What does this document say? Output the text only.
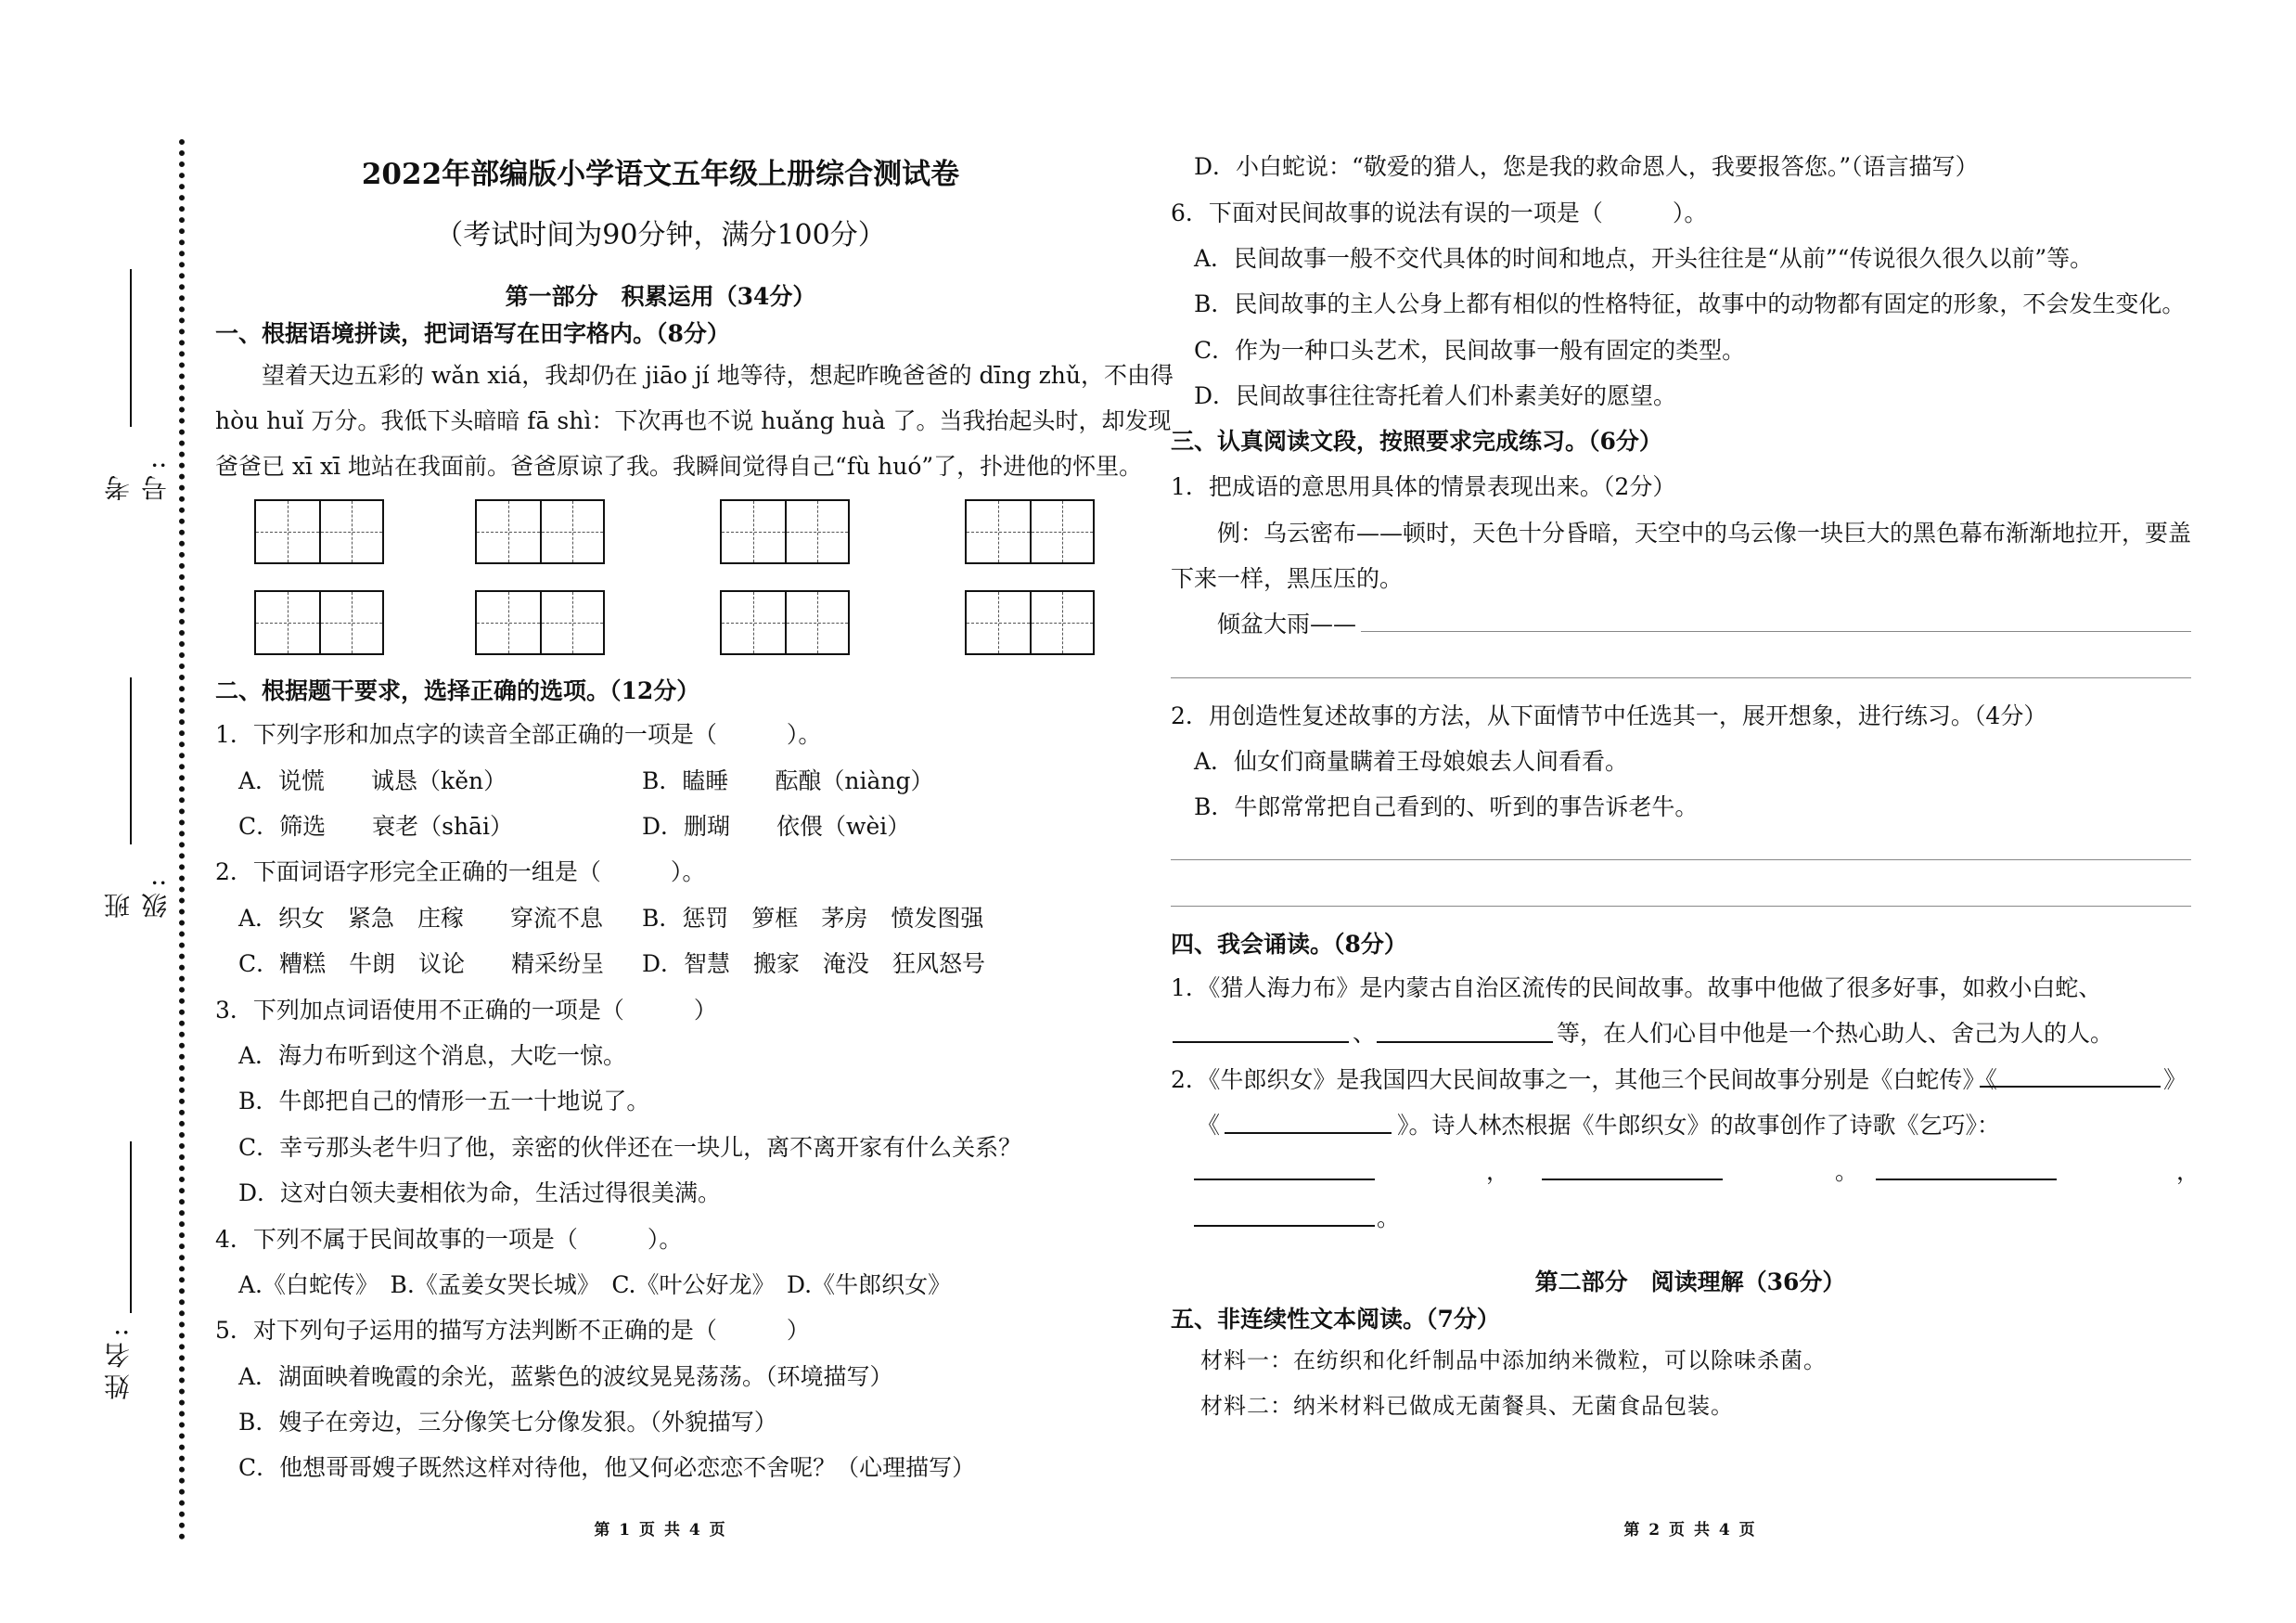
考号:
班级:
姓名:
2022年部编版小学语文五年级上册综合测试卷
（考试时间为90分钟，满分100分）
第一部分　积累运用（34分）
一、根据语境拼读，把词语写在田字格内。（8分）
　　望着天边五彩的 wǎn xiá，我却仍在 jiāo jí 地等待，想起昨晚爸爸的 dīng zhǔ，不由得
hòu huǐ 万分。我低下头暗暗 fā shì：下次再也不说 huǎng huà 了。当我抬起头时，却发现
爸爸已 xī xī 地站在我面前。爸爸原谅了我。我瞬间觉得自己“fù huó”了，扑进他的怀里。
二、根据题干要求，选择正确的选项。（12分）
1．下列字形和加点字的读音全部正确的一项是（　　　）。
　A．说慌　　诚恳（kěn）	B．瞌睡　　酝酿（niàng）
　C．筛选　　衰老（shāi）	D．删瑚　　依偎（wèi）
2．下面词语字形完全正确的一组是（　　　）。
　A．织女　紧急　庄稼　　穿流不息 B．惩罚　箩框　茅房　愤发图强
　C．糟糕　牛朗　议论　　精采纷呈 D．智慧　搬家　淹没　狂风怒号
3．下列加点词语使用不正确的一项是（　　　）
　A．海力布听到这个消息，大吃一惊。
　B．牛郎把自己的情形一五一十地说了。
　C．幸亏那头老牛归了他，亲密的伙伴还在一块儿，离不离开家有什么关系？
　D．这对白领夫妻相依为命，生活过得很美满。
4．下列不属于民间故事的一项是（　　　）。
　A.《白蛇传》　B.《孟姜女哭长城》　C.《叶公好龙》　D.《牛郎织女》
5．对下列句子运用的描写方法判断不正确的是（　　　）
　A．湖面映着晚霞的余光，蓝紫色的波纹晃晃荡荡。（环境描写）
　B．嫂子在旁边，三分像笑七分像发狠。（外貌描写）
　C．他想哥哥嫂子既然这样对待他，他又何必恋恋不舍呢？（心理描写）
第 1 页 共 4 页
　D．小白蛇说：“敬爱的猎人，您是我的救命恩人，我要报答您。”（语言描写）
6．下面对民间故事的说法有误的一项是（　　　）。
　A．民间故事一般不交代具体的时间和地点，开头往往是“从前”“传说很久很久以前”等。
　B．民间故事的主人公身上都有相似的性格特征，故事中的动物都有固定的形象，不会发生变化。
　C．作为一种口头艺术，民间故事一般有固定的类型。
　D．民间故事往往寄托着人们朴素美好的愿望。
三、认真阅读文段，按照要求完成练习。（6分）
1．把成语的意思用具体的情景表现出来。（2分）
　　例：乌云密布——顿时，天色十分昏暗，天空中的乌云像一块巨大的黑色幕布渐渐地拉开，要盖
下来一样，黑压压的。
　　倾盆大雨——
2．用创造性复述故事的方法，从下面情节中任选其一，展开想象，进行练习。（4分）
　A．仙女们商量瞒着王母娘娘去人间看看。
　B．牛郎常常把自己看到的、听到的事告诉老牛。
四、我会诵读。（8分）
1．《猎人海力布》是内蒙古自治区流传的民间故事。故事中他做了很多好事，如救小白蛇、
、	等，在人们心目中他是一个热心助人、舍己为人的人。
2．《牛郎织女》是我国四大民间故事之一，其他三个民间故事分别是《白蛇传》《	》
《	》。诗人林杰根据《牛郎织女》的故事创作了诗歌《乞巧》：
，	。	，
。
第二部分　阅读理解（36分）
五、非连续性文本阅读。（7分）
材料一：在纺织和化纤制品中添加纳米微粒，可以除味杀菌。
材料二：纳米材料已做成无菌餐具、无菌食品包装。
第 2 页 共 4 页
